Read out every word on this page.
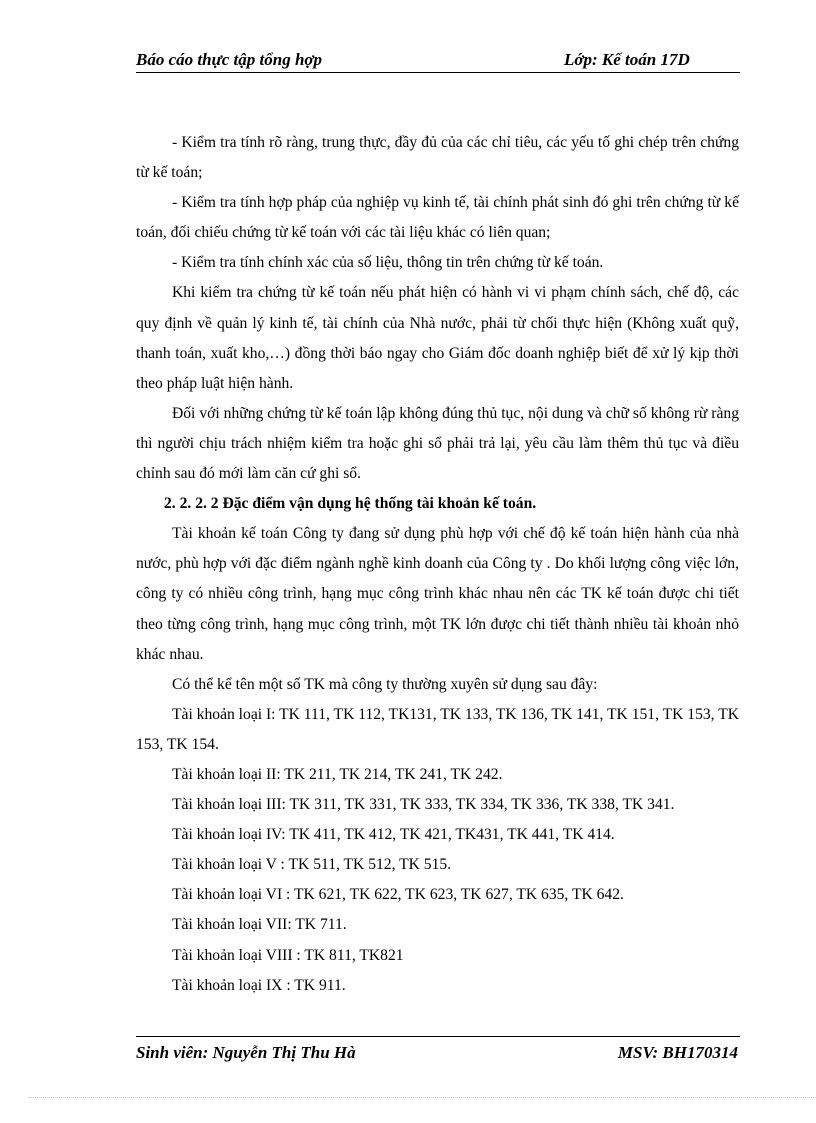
Báo cáo thực tập tổng hợp	Lớp: Kế toán 17D

- Kiểm tra tính rõ ràng, trung thực, đầy đủ của các chỉ tiêu, các yếu tố ghi chép trên chứng từ kế toán;

- Kiểm tra tính hợp pháp của nghiệp vụ kinh tế, tài chính phát sinh đó ghi trên chứng từ kế toán, đối chiếu chứng từ kế toán với các tài liệu khác có liên quan;

- Kiểm tra tính chính xác của số liệu, thông tin trên chứng từ kế toán.

Khi kiểm tra chứng từ kế toán nếu phát hiện có hành vi vi phạm chính sách, chế độ, các quy định về quản lý kinh tế, tài chính của Nhà nước, phải từ chối thực hiện (Không xuất quỹ, thanh toán, xuất kho,…) đồng thời báo ngay cho Giám đốc doanh nghiệp biết để xử lý kịp thời theo pháp luật hiện hành.

Đối với những chứng từ kế toán lập không đúng thủ tục, nội dung và chữ số không rừ ràng thì người chịu trách nhiệm kiểm tra hoặc ghi sổ phải trả lại, yêu cầu làm thêm thủ tục và điều chỉnh sau đó mới làm căn cứ ghi sổ.

2. 2. 2. 2 Đặc điểm vận dụng hệ thống tài khoản kế toán.

Tài khoản kế toán Công ty đang sử dụng phù hợp với chế độ kế toán hiện hành của nhà nước, phù hợp với đặc điểm ngành nghề kinh doanh của Công ty . Do khối lượng công việc lớn, công ty có nhiều công trình, hạng mục công trình khác nhau nên các TK kế toán được chi tiết theo từng công trình, hạng mục công trình, một TK lớn được chi tiết thành nhiều tài khoản nhỏ khác nhau.

Có thể kể tên một số TK mà công ty thường xuyên sử dụng sau đây:

Tài khoản loại I: TK 111, TK 112, TK131, TK 133, TK 136, TK 141, TK 151, TK 153, TK 153, TK 154.

Tài khoản loại II: TK 211, TK 214, TK 241, TK 242.

Tài khoản loại III: TK 311, TK 331, TK 333, TK 334, TK 336, TK 338, TK 341.

Tài khoản loại IV: TK 411, TK 412, TK 421, TK431, TK 441, TK 414.

Tài khoản loại V : TK 511, TK 512, TK 515.

Tài khoản loại VI : TK 621, TK 622, TK 623, TK 627, TK 635, TK 642.

Tài khoản loại VII: TK 711.

Tài khoản loại VIII : TK 811, TK821

Tài khoản loại IX : TK 911.

Sinh viên: Nguyễn Thị Thu Hà	MSV: BH170314
